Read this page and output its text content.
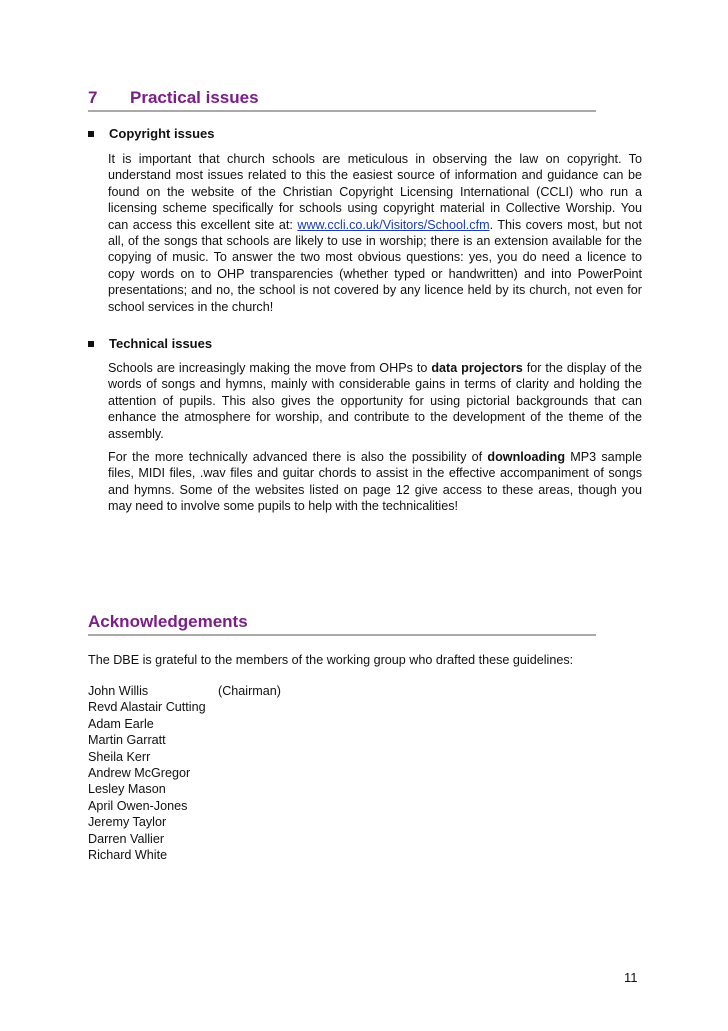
7 Practical issues
Copyright issues

It is important that church schools are meticulous in observing the law on copyright. To understand most issues related to this the easiest source of information and guidance can be found on the website of the Christian Copyright Licensing International (CCLI) who run a licensing scheme specifically for schools using copyright material in Collective Worship. You can access this excellent site at: www.ccli.co.uk/Visitors/School.cfm. This covers most, but not all, of the songs that schools are likely to use in worship; there is an extension available for the copying of music. To answer the two most obvious questions: yes, you do need a licence to copy words on to OHP transparencies (whether typed or handwritten) and into PowerPoint presentations; and no, the school is not covered by any licence held by its church, not even for school services in the church!

Technical issues

Schools are increasingly making the move from OHPs to data projectors for the display of the words of songs and hymns, mainly with considerable gains in terms of clarity and holding the attention of pupils. This also gives the opportunity for using pictorial backgrounds that can enhance the atmosphere for worship, and contribute to the development of the theme of the assembly.

For the more technically advanced there is also the possibility of downloading MP3 sample files, MIDI files, .wav files and guitar chords to assist in the effective accompaniment of songs and hymns. Some of the websites listed on page 12 give access to these areas, though you may need to involve some pupils to help with the technicalities!

Acknowledgements

The DBE is grateful to the members of the working group who drafted these guidelines:

John Willis	(Chairman)
Revd Alastair Cutting
Adam Earle
Martin Garratt
Sheila Kerr
Andrew McGregor
Lesley Mason
April Owen-Jones
Jeremy Taylor
Darren Vallier
Richard White
11
